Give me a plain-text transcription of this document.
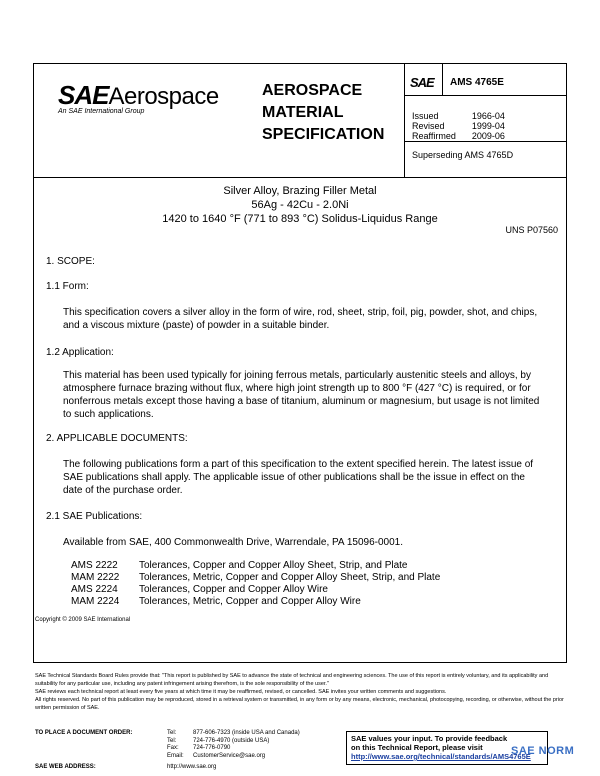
SAEAerospace
An SAE International Group
AEROSPACE
MATERIAL
SPECIFICATION
SAE AMS 4765E
Issued	1966-04
Revised	1999-04
Reaffirmed	2009-06
Superseding AMS 4765D
Silver Alloy, Brazing Filler Metal
56Ag - 42Cu - 2.0Ni
1420 to 1640 °F (771 to 893 °C) Solidus-Liquidus Range
UNS P07560
1. SCOPE:
1.1 Form:
This specification covers a silver alloy in the form of wire, rod, sheet, strip, foil, pig, powder, shot, and chips, and a viscous mixture (paste) of powder in a suitable binder.
1.2 Application:
This material has been used typically for joining ferrous metals, particularly austenitic steels and alloys, by atmosphere furnace brazing without flux, where high joint strength up to 800 °F (427 °C) is required, or for nonferrous metals except those having a base of titanium, aluminum or magnesium, but usage is not limited to such applications.
2. APPLICABLE DOCUMENTS:
The following publications form a part of this specification to the extent specified herein. The latest issue of SAE publications shall apply. The applicable issue of other publications shall be the issue in effect on the date of the purchase order.
2.1 SAE Publications:
Available from SAE, 400 Commonwealth Drive, Warrendale, PA 15096-0001.
AMS 2222	Tolerances, Copper and Copper Alloy Sheet, Strip, and Plate
MAM 2222	Tolerances, Metric, Copper and Copper Alloy Sheet, Strip, and Plate
AMS 2224	Tolerances, Copper and Copper Alloy Wire
MAM 2224	Tolerances, Metric, Copper and Copper Alloy Wire
Copyright © 2009 SAE International
SAE Technical Standards Board Rules provide that: "This report is published by SAE to advance the state of technical and engineering sciences. The use of this report is entirely voluntary, and its applicability and suitability for any particular use, including any patent infringement arising therefrom, is the sole responsibility of the user."
SAE reviews each technical report at least every five years at which time it may be reaffirmed, revised, or cancelled. SAE invites your written comments and suggestions.
All rights reserved. No part of this publication may be reproduced, stored in a retrieval system or transmitted, in any form or by any means, electronic, mechanical, photocopying, recording, or otherwise, without the prior written permission of SAE.
TO PLACE A DOCUMENT ORDER:	Tel:	877-606-7323 (inside USA and Canada)
	Tel:	724-776-4970 (outside USA)
	Fax:	724-776-0790
	Email:	CustomerService@sae.org
SAE WEB ADDRESS:	http://www.sae.org
SAE values your input. To provide feedback
on this Technical Report, please visit
http://www.sae.org/technical/standards/AMS4765E
SAE NORM
